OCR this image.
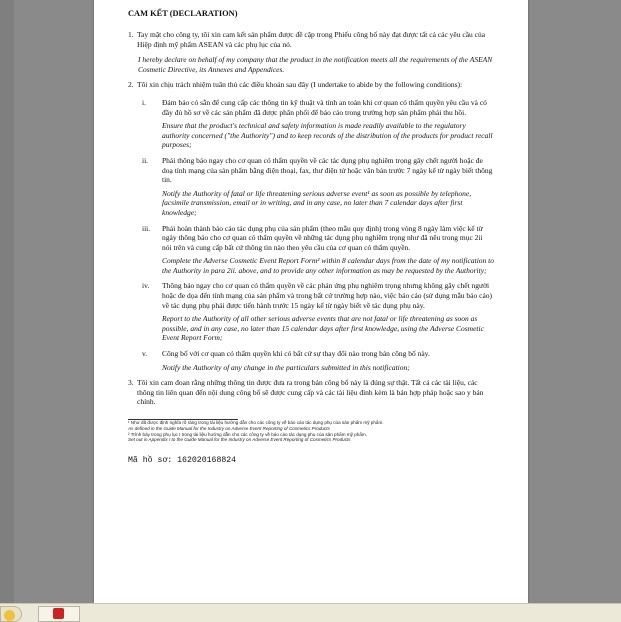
CAM KẾT (DECLARATION)
1. Tay mặt cho công ty, tôi xin cam kết sản phẩm được đề cập trong Phiếu công bố này đạt được tất cả các yêu cầu của Hiệp định mỹ phẩm ASEAN và các phụ lục của nó.
I hereby declare on behalf of my company that the product in the notification meets all the requirements of the ASEAN Cosmetic Directive, its Annexes and Appendices.
2. Tôi xin chịu trách nhiệm tuân thủ các điều khoản sau đây (I undertake to abide by the following conditions):
i.	Đảm bảo có sẵn để cung cấp các thông tin kỹ thuật và tính an toàn khi cơ quan có thẩm quyền yêu cầu và có đầy đủ hồ sơ về các sản phẩm đã được phân phối để báo cáo trong trường hợp sản phẩm phải thu hồi.
Ensure that the product's technical and safety information is made readily available to the regulatory authority concerned ("the Authority") and to keep records of the distribution of the products for product recall purposes;
ii.	Phải thông báo ngay cho cơ quan có thẩm quyền về các tác dụng phụ nghiêm trọng gây chết người hoặc đe doạ tính mạng của sản phẩm bằng điện thoại, fax, thư điện tử hoặc văn bản trước 7 ngày kể từ ngày biết thông tin.
Notify the Authority of fatal or life threatening serious adverse event¹ as soon as possible by telephone, facsimile transmission, email or in writing, and in any case, no later than 7 calendar days after first knowledge;
iii.	Phải hoàn thành báo cáo tác dụng phụ của sản phẩm (theo mẫu quy định) trong vòng 8 ngày làm việc kể từ ngày thông báo cho cơ quan có thẩm quyền về những tác dụng phụ nghiêm trọng như đã nêu trong mục 2ii nói trên và cung cấp bất cứ thông tin nào theo yêu cầu của cơ quan có thẩm quyền.
Complete the Adverse Cosmetic Event Report Form² within 8 calendar days from the date of my notification to the Authority in para 2ii. above, and to provide any other information as may be requested by the Authority;
iv.	Thông báo ngay cho cơ quan có thẩm quyền về các phản ứng phụ nghiêm trọng nhưng không gây chết người hoặc đe dọa đến tính mạng của sản phẩm và trong bất cứ trường hợp nào, việc báo cáo (sử dụng mẫu báo cáo) về tác dụng phụ phải được tiến hành trước 15 ngày kể từ ngày biết về tác dụng phụ này.
Report to the Authority of all other serious adverse events that are not fatal or life threatening as soon as possible, and in any case, no later than 15 calendar days after first knowledge, using the Adverse Cosmetic Event Report Form;
v.	Công bố với cơ quan có thẩm quyền khi có bất cứ sự thay đổi nào trong bản công bố này.
Notify the Authority of any change in the particulars submitted in this notification;
3. Tôi xin cam đoan rằng những thông tin được đưa ra trong bản công bố này là đúng sự thật. Tất cả các tài liệu, các thông tin liên quan đến nội dung công bố sẽ được cung cấp và các tài liệu đính kèm là bản hợp pháp hoặc sao y bản chính.
¹ Như đã được định nghĩa rõ ràng trong tài liệu hướng dẫn cho các công ty về báo cáo tác dụng phụ của sản phẩm mỹ phẩm.
As defined in the Guide Manual for the Industry on Adverse Event Reporting of Cosmetics Products
² Trình bày trong phụ lục I trong tài liệu hướng dẫn cho các công ty về báo cáo tác dụng phụ của sản phẩm mỹ phẩm.
Set out in Appendix I to the Guide Manual for the Industry on Adverse Event Reporting of Cosmetics Products
Mã hồ sơ: 162020168824
